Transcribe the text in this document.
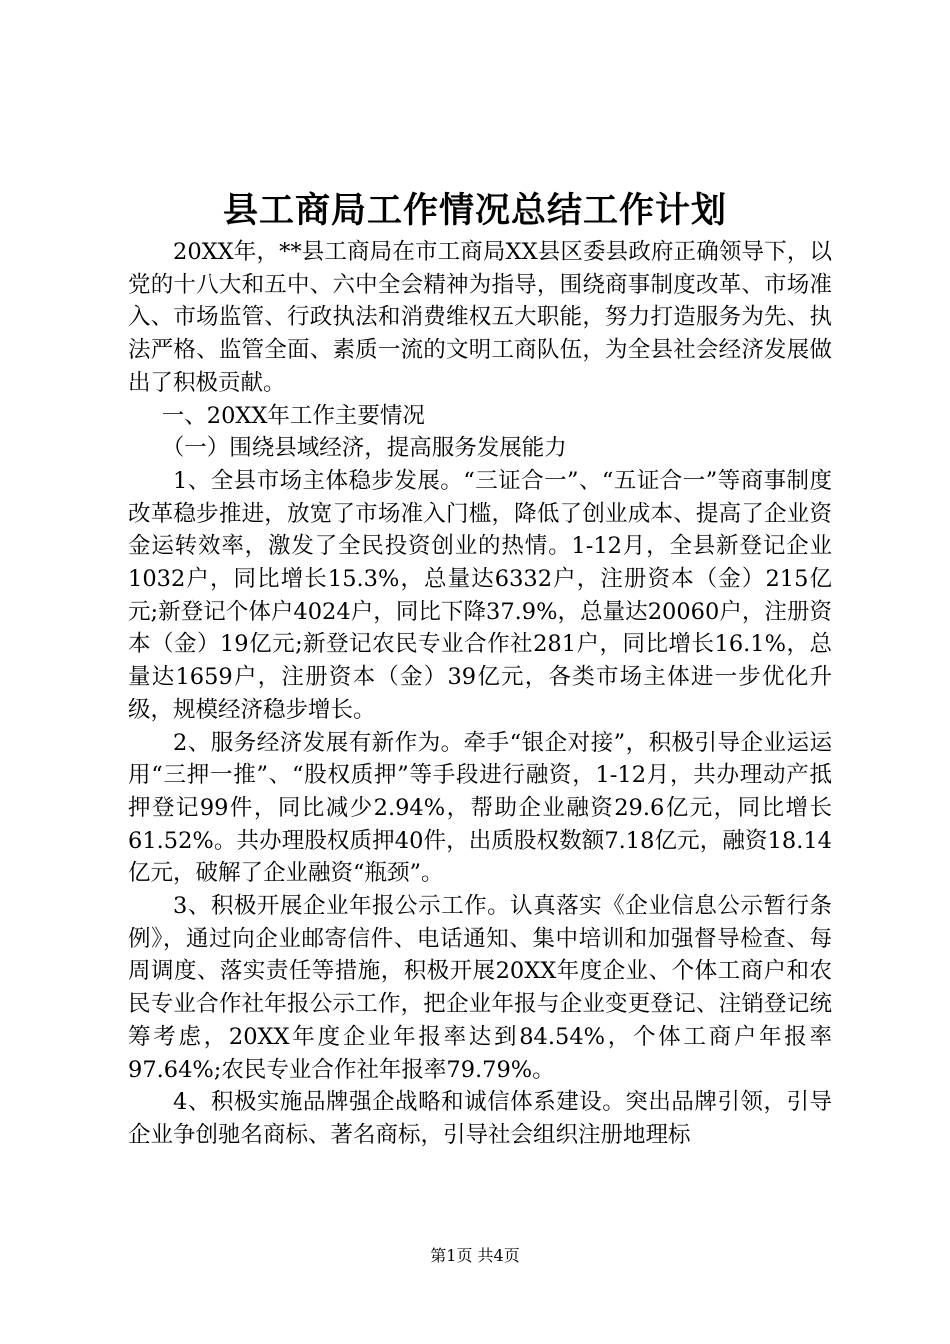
县工商局工作情况总结工作计划

20XX年，**县工商局在市工商局XX县区委县政府正确领导下，以党的十八大和五中、六中全会精神为指导，围绕商事制度改革、市场准入、市场监管、行政执法和消费维权五大职能，努力打造服务为先、执法严格、监管全面、素质一流的文明工商队伍，为全县社会经济发展做出了积极贡献。

一、20XX年工作主要情况

（一）围绕县域经济，提高服务发展能力

1、全县市场主体稳步发展。“三证合一”、“五证合一”等商事制度改革稳步推进，放宽了市场准入门槛，降低了创业成本、提高了企业资金运转效率，激发了全民投资创业的热情。1-12月，全县新登记企业1032户，同比增长15.3%，总量达6332户，注册资本（金）215亿元;新登记个体户4024户，同比下降37.9%，总量达20060户，注册资本（金）19亿元;新登记农民专业合作社281户，同比增长16.1%，总量达1659户，注册资本（金）39亿元，各类市场主体进一步优化升级，规模经济稳步增长。

2、服务经济发展有新作为。牵手“银企对接”，积极引导企业运运用“三押一推”、“股权质押”等手段进行融资，1-12月，共办理动产抵押登记99件，同比减少2.94%，帮助企业融资29.6亿元，同比增长61.52%。共办理股权质押40件，出质股权数额7.18亿元，融资18.14亿元，破解了企业融资“瓶颈”。

3、积极开展企业年报公示工作。认真落实《企业信息公示暂行条例》，通过向企业邮寄信件、电话通知、集中培训和加强督导检查、每周调度、落实责任等措施，积极开展20XX年度企业、个体工商户和农民专业合作社年报公示工作，把企业年报与企业变更登记、注销登记统筹考虑，20XX年度企业年报率达到84.54%，个体工商户年报率97.64%;农民专业合作社年报率79.79%。

4、积极实施品牌强企战略和诚信体系建设。突出品牌引领，引导企业争创驰名商标、著名商标，引导社会组织注册地理标

第1页 共4页
